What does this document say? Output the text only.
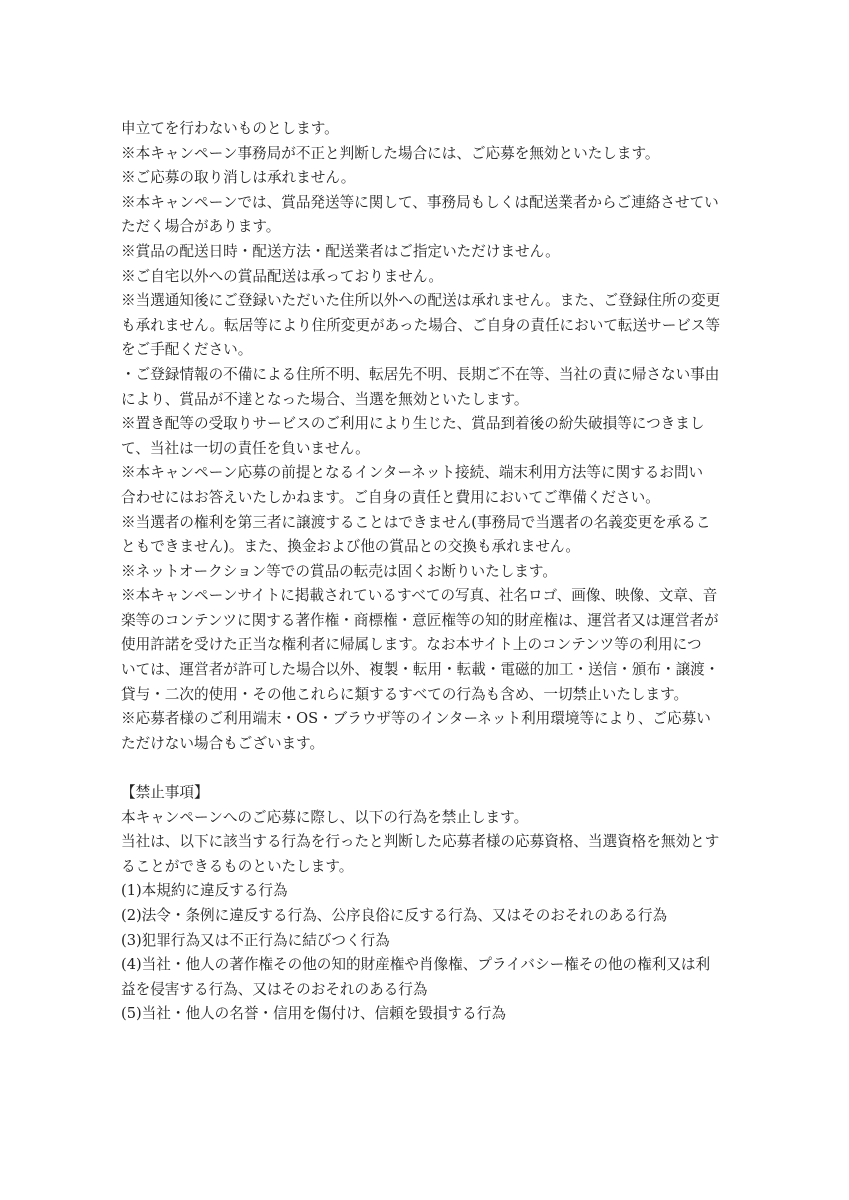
申立てを行わないものとします。
※本キャンペーン事務局が不正と判断した場合には、ご応募を無効といたします。
※ご応募の取り消しは承れません。
※本キャンペーンでは、賞品発送等に関して、事務局もしくは配送業者からご連絡させてい
ただく場合があります。
※賞品の配送日時・配送方法・配送業者はご指定いただけません。
※ご自宅以外への賞品配送は承っておりません。
※当選通知後にご登録いただいた住所以外への配送は承れません。また、ご登録住所の変更
も承れません。転居等により住所変更があった場合、ご自身の責任において転送サービス等
をご手配ください。
・ご登録情報の不備による住所不明、転居先不明、長期ご不在等、当社の責に帰さない事由
により、賞品が不達となった場合、当選を無効といたします。
※置き配等の受取りサービスのご利用により生じた、賞品到着後の紛失破損等につきまし
て、当社は一切の責任を負いません。
※本キャンペーン応募の前提となるインターネット接続、端末利用方法等に関するお問い
合わせにはお答えいたしかねます。ご自身の責任と費用においてご準備ください。
※当選者の権利を第三者に譲渡することはできません(事務局で当選者の名義変更を承るこ
ともできません)。また、換金および他の賞品との交換も承れません。
※ネットオークション等での賞品の転売は固くお断りいたします。
※本キャンペーンサイトに掲載されているすべての写真、社名ロゴ、画像、映像、文章、音
楽等のコンテンツに関する著作権・商標権・意匠権等の知的財産権は、運営者又は運営者が
使用許諾を受けた正当な権利者に帰属します。なお本サイト上のコンテンツ等の利用につ
いては、運営者が許可した場合以外、複製・転用・転載・電磁的加工・送信・頒布・譲渡・
貸与・二次的使用・その他これらに類するすべての行為も含め、一切禁止いたします。
※応募者様のご利用端末・OS・ブラウザ等のインターネット利用環境等により、ご応募い
ただけない場合もございます。
【禁止事項】
本キャンペーンへのご応募に際し、以下の行為を禁止します。
当社は、以下に該当する行為を行ったと判断した応募者様の応募資格、当選資格を無効とす
ることができるものといたします。
(1)本規約に違反する行為
(2)法令・条例に違反する行為、公序良俗に反する行為、又はそのおそれのある行為
(3)犯罪行為又は不正行為に結びつく行為
(4)当社・他人の著作権その他の知的財産権や肖像権、プライバシー権その他の権利又は利
益を侵害する行為、又はそのおそれのある行為
(5)当社・他人の名誉・信用を傷付け、信頼を毀損する行為
